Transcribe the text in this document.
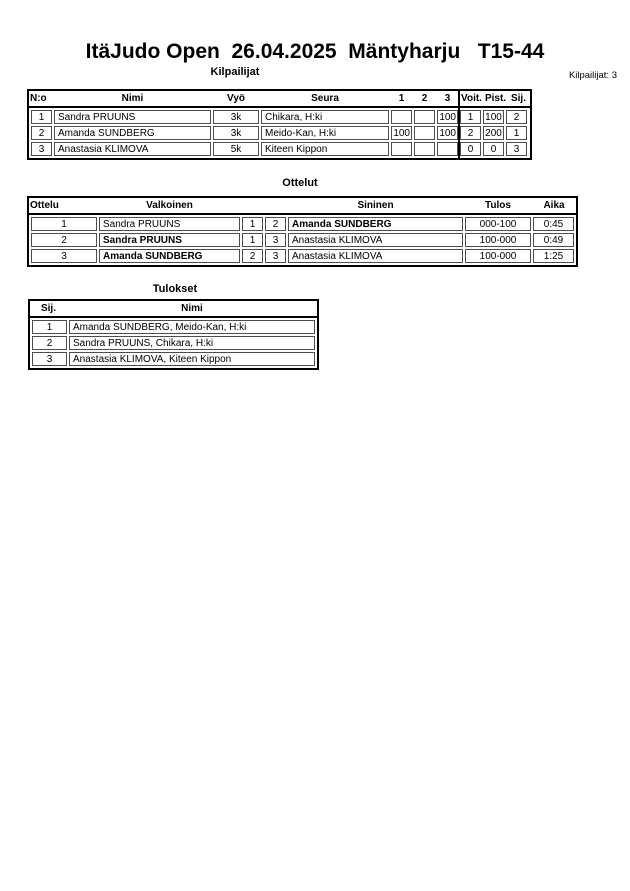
ItäJudo Open  26.04.2025  Mäntyharju   T15-44
Kilpailijat	Kilpailijat: 3
N:o	Nimi	Vyö	Seura	1	2	3	Voit. Pist. Sij.
1	Sandra PRUUNS	3k	Chikara, H:ki			100	1	100	2
2	Amanda SUNDBERG	3k	Meido-Kan, H:ki	100		100	2	200	1
3	Anastasia KLIMOVA	5k	Kiteen Kippon				0	0	3
Ottelut
Ottelu	Valkoinen	Sininen	Tulos	Aika
1	Sandra PRUUNS	1	2	Amanda SUNDBERG	000-100	0:45
2	Sandra PRUUNS	1	3	Anastasia KLIMOVA	100-000	0:49
3	Amanda SUNDBERG	2	3	Anastasia KLIMOVA	100-000	1:25
Tulokset
Sij.	Nimi
1	Amanda SUNDBERG, Meido-Kan, H:ki
2	Sandra PRUUNS, Chikara, H:ki
3	Anastasia KLIMOVA, Kiteen Kippon
